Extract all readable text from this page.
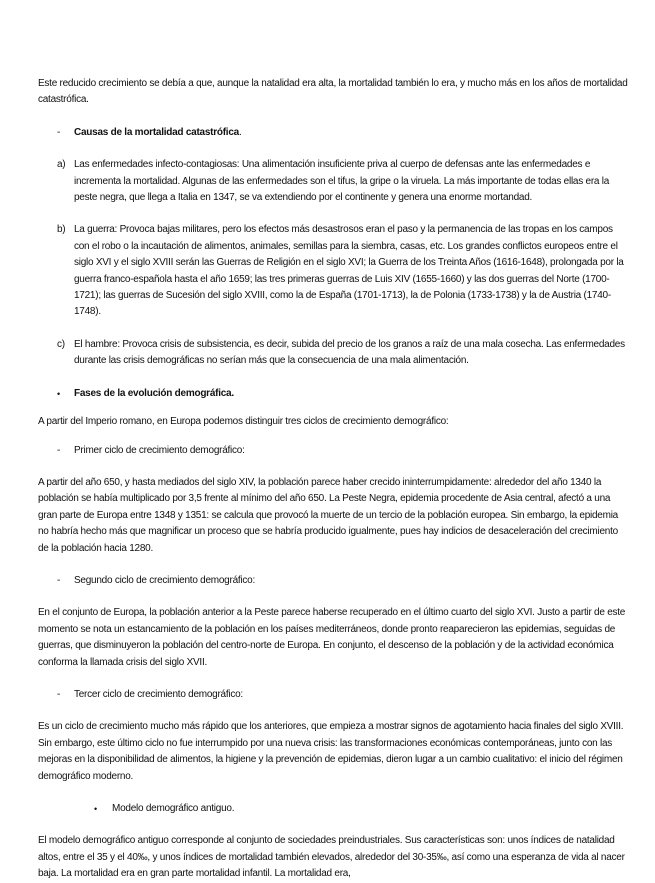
Este reducido crecimiento se debía a que, aunque la natalidad era alta, la mortalidad también lo era, y mucho más en los años de mortalidad catastrófica.

- Causas de la mortalidad catastrófica.
a) Las enfermedades infecto-contagiosas: Una alimentación insuficiente priva al cuerpo de defensas ante las enfermedades e incrementa la mortalidad. Algunas de las enfermedades son el tifus, la gripe o la viruela. La más importante de todas ellas era la peste negra, que llega a Italia en 1347, se va extendiendo por el continente y genera una enorme mortandad.
b) La guerra: Provoca bajas militares, pero los efectos más desastrosos eran el paso y la permanencia de las tropas en los campos con el robo o la incautación de alimentos, animales, semillas para la siembra, casas, etc. Los grandes conflictos europeos entre el siglo XVI y el siglo XVIII serán las Guerras de Religión en el siglo XVI; la Guerra de los Treinta Años (1616-1648), prolongada por la guerra franco-española hasta el año 1659; las tres primeras guerras de Luis XIV (1655-1660) y las dos guerras del Norte (1700-1721); las guerras de Sucesión del siglo XVIII, como la de España (1701-1713), la de Polonia (1733-1738) y la de Austria (1740-1748).
c) El hambre: Provoca crisis de subsistencia, es decir, subida del precio de los granos a raíz de una mala cosecha. Las enfermedades durante las crisis demográficas no serían más que la consecuencia de una mala alimentación.
• Fases de la evolución demográfica.

A partir del Imperio romano, en Europa podemos distinguir tres ciclos de crecimiento demográfico:

- Primer ciclo de crecimiento demográfico:

A partir del año 650, y hasta mediados del siglo XIV, la población parece haber crecido ininterrumpidamente: alrededor del año 1340 la población se había multiplicado por 3,5 frente al mínimo del año 650. La Peste Negra, epidemia procedente de Asia central, afectó a una gran parte de Europa entre 1348 y 1351: se calcula que provocó la muerte de un tercio de la población europea. Sin embargo, la epidemia no habría hecho más que magnificar un proceso que se habría producido igualmente, pues hay indicios de desaceleración del crecimiento de la población hacia 1280.

- Segundo ciclo de crecimiento demográfico:

En el conjunto de Europa, la población anterior a la Peste parece haberse recuperado en el último cuarto del siglo XVI. Justo a partir de este momento se nota un estancamiento de la población en los países mediterráneos, donde pronto reaparecieron las epidemias, seguidas de guerras, que disminuyeron la población del centro-norte de Europa. En conjunto, el descenso de la población y de la actividad económica conforma la llamada crisis del siglo XVII.

- Tercer ciclo de crecimiento demográfico:

Es un ciclo de crecimiento mucho más rápido que los anteriores, que empieza a mostrar signos de agotamiento hacia finales del siglo XVIII. Sin embargo, este último ciclo no fue interrumpido por una nueva crisis: las transformaciones económicas contemporáneas, junto con las mejoras en la disponibilidad de alimentos, la higiene y la prevención de epidemias, dieron lugar a un cambio cualitativo: el inicio del régimen demográfico moderno.

• Modelo demográfico antiguo.

El modelo demográfico antiguo corresponde al conjunto de sociedades preindustriales. Sus características son: unos índices de natalidad altos, entre el 35 y el 40‰, y unos índices de mortalidad también elevados, alrededor del 30-35‰, así como una esperanza de vida al nacer baja. La mortalidad era en gran parte mortalidad infantil. La mortalidad era,
